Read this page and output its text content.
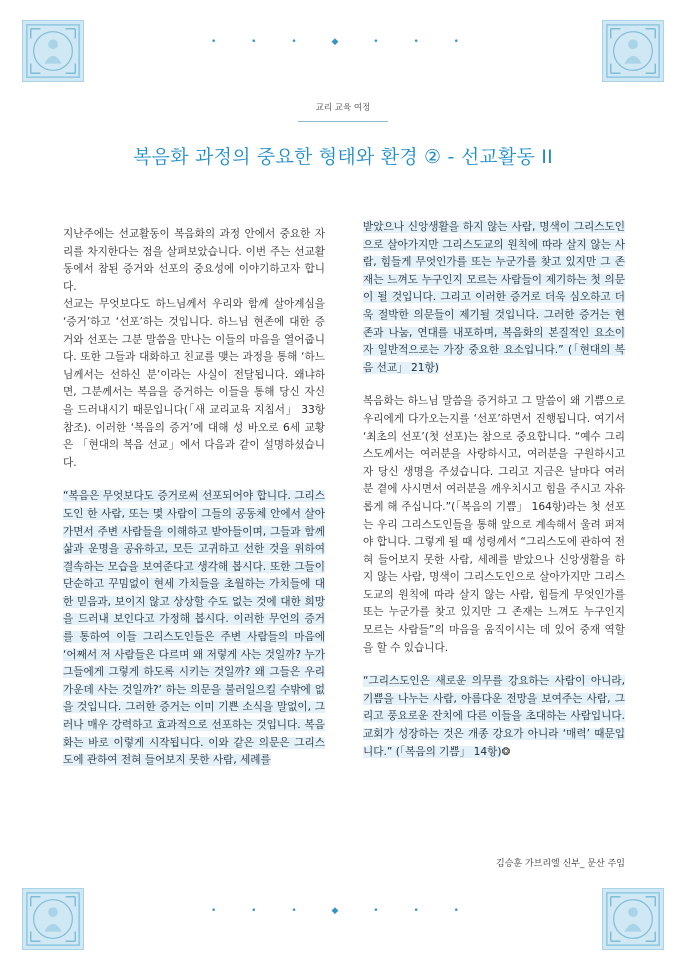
• • • ◆ • • •
• • • ◆ • • •
교리 교육 여정
복음화 과정의 중요한 형태와 환경 ② - 선교활동 II

지난주에는 선교활동이 복음화의 과정 안에서 중요한 자리를 차지한다는 점을 살펴보았습니다. 이번 주는 선교활동에서 참된 증거와 선포의 중요성에 이야기하고자 합니다.

선교는 무엇보다도 하느님께서 우리와 함께 살아계심을 ‘증거’하고 ‘선포’하는 것입니다. 하느님 현존에 대한 증거와 선포는 그분 말씀을 만나는 이들의 마음을 열어줍니다. 또한 그들과 대화하고 친교를 맺는 과정을 통해 ‘하느님께서는 선하신 분’이라는 사실이 전달됩니다. 왜냐하면, 그분께서는 복음을 증거하는 이들을 통해 당신 자신을 드러내시기 때문입니다(「새 교리교육 지침서」 33항 참조). 이러한 ‘복음의 증거’에 대해 성 바오로 6세 교황은 「현대의 복음 선교」에서 다음과 같이 설명하셨습니다.

“복음은 무엇보다도 증거로써 선포되어야 합니다. 그리스도인 한 사람, 또는 몇 사람이 그들의 공동체 안에서 살아가면서 주변 사람들을 이해하고 받아들이며, 그들과 함께 삶과 운명을 공유하고, 모든 고귀하고 선한 것을 위하여 결속하는 모습을 보여준다고 생각해 봅시다. 또한 그들이 단순하고 꾸밈없이 현세 가치들을 초월하는 가치들에 대한 믿음과, 보이지 않고 상상할 수도 없는 것에 대한 희망을 드러내 보인다고 가정해 봅시다. 이러한 무언의 증거를 통하여 이들 그리스도인들은 주변 사람들의 마음에 ‘어째서 저 사람들은 다르며 왜 저렇게 사는 것일까? 누가 그들에게 그렇게 하도록 시키는 것일까? 왜 그들은 우리 가운데 사는 것일까?’ 하는 의문을 불러일으킬 수밖에 없을 것입니다. 그러한 증거는 이미 기쁜 소식을 말없이, 그러나 매우 강력하고 효과적으로 선포하는 것입니다. 복음화는 바로 이렇게 시작됩니다. 이와 같은 의문은 그리스도에 관하여 전혀 들어보지 못한 사람, 세례를

받았으나 신앙생활을 하지 않는 사람, 명색이 그리스도인으로 살아가지만 그리스도교의 원칙에 따라 살지 않는 사람, 힘들게 무엇인가를 또는 누군가를 찾고 있지만 그 존재는 느껴도 누구인지 모르는 사람들이 제기하는 첫 의문이 될 것입니다. 그리고 이러한 증거로 더욱 심오하고 더욱 절박한 의문들이 제기될 것입니다. 그러한 증거는 현존과 나눔, 연대를 내포하며, 복음화의 본질적인 요소이자 일반적으로는 가장 중요한 요소입니다.” (「현대의 복음 선교」 21항)

복음화는 하느님 말씀을 증거하고 그 말씀이 왜 기쁨으로 우리에게 다가오는지를 ‘선포’하면서 진행됩니다. 여기서 ‘최초의 선포’(첫 선포)는 참으로 중요합니다. “예수 그리스도께서는 여러분을 사랑하시고, 여러분을 구원하시고자 당신 생명을 주셨습니다. 그리고 지금은 날마다 여러분 곁에 사시면서 여러분을 깨우치시고 힘을 주시고 자유롭게 해 주십니다.”(「복음의 기쁨」 164항)라는 첫 선포는 우리 그리스도인들을 통해 앞으로 계속해서 울려 퍼져야 합니다. 그렇게 될 때 성령께서 “그리스도에 관하여 전혀 들어보지 못한 사람, 세례를 받았으나 신앙생활을 하지 않는 사람, 명색이 그리스도인으로 살아가지만 그리스도교의 원칙에 따라 살지 않는 사람, 힘들게 무엇인가를 또는 누군가를 찾고 있지만 그 존재는 느껴도 누구인지 모르는 사람들”의 마음을 움직이시는 데 있어 중재 역할을 할 수 있습니다.

“그리스도인은 새로운 의무를 강요하는 사람이 아니라, 기쁨을 나누는 사람, 아름다운 전망을 보여주는 사람, 그리고 풍요로운 잔치에 다른 이들을 초대하는 사람입니다. 교회가 성장하는 것은 개종 강요가 아니라 ‘매력’ 때문입니다.” (「복음의 기쁨」 14항)❂

김승훈 가브리엘 신부_ 문산 주임
